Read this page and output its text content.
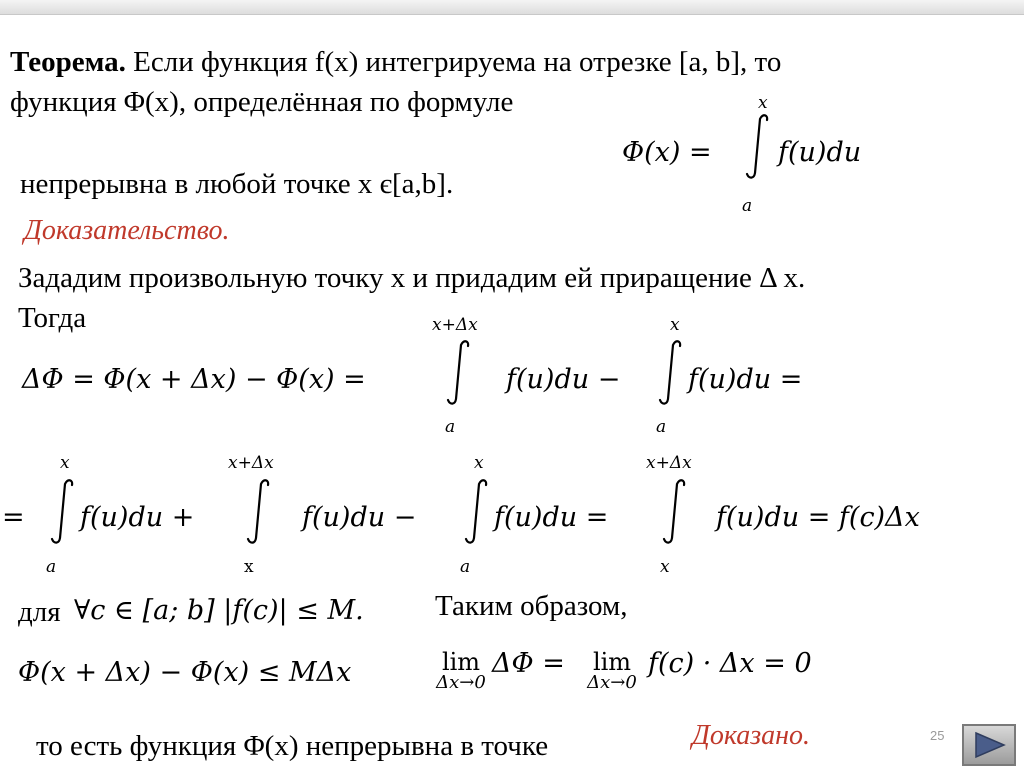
Теорема. Если функция f(x) интегрируема на отрезке [a, b], то
функция Φ(x), определённая по формуле
непрерывна в любой точке x є[a,b].
Доказательство.
Зададим произвольную точку x и придадим ей приращение Δ x.
Тогда
для ∀c ∈ [a; b] |f(c)| ≤ M. Таким образом,
Φ(x + Δx) − Φ(x) ≤ MΔx	lim
Δx→0
ΔΦ =	lim
Δx→0
f(c) · Δx = 0
то есть функция Φ(x) непрерывна в точке	Доказано.
Φ(x) =
x
a
f(u)du
ΔΦ = Φ(x + Δx) − Φ(x) =
x+Δx
a
f(u)du −
x
a
f(u)du =
=
x
a
f(u)du +
x+Δx
x
f(u)du −
x
a
f(u)du =
x+Δx
x
f(u)du = f(c)Δx
25
